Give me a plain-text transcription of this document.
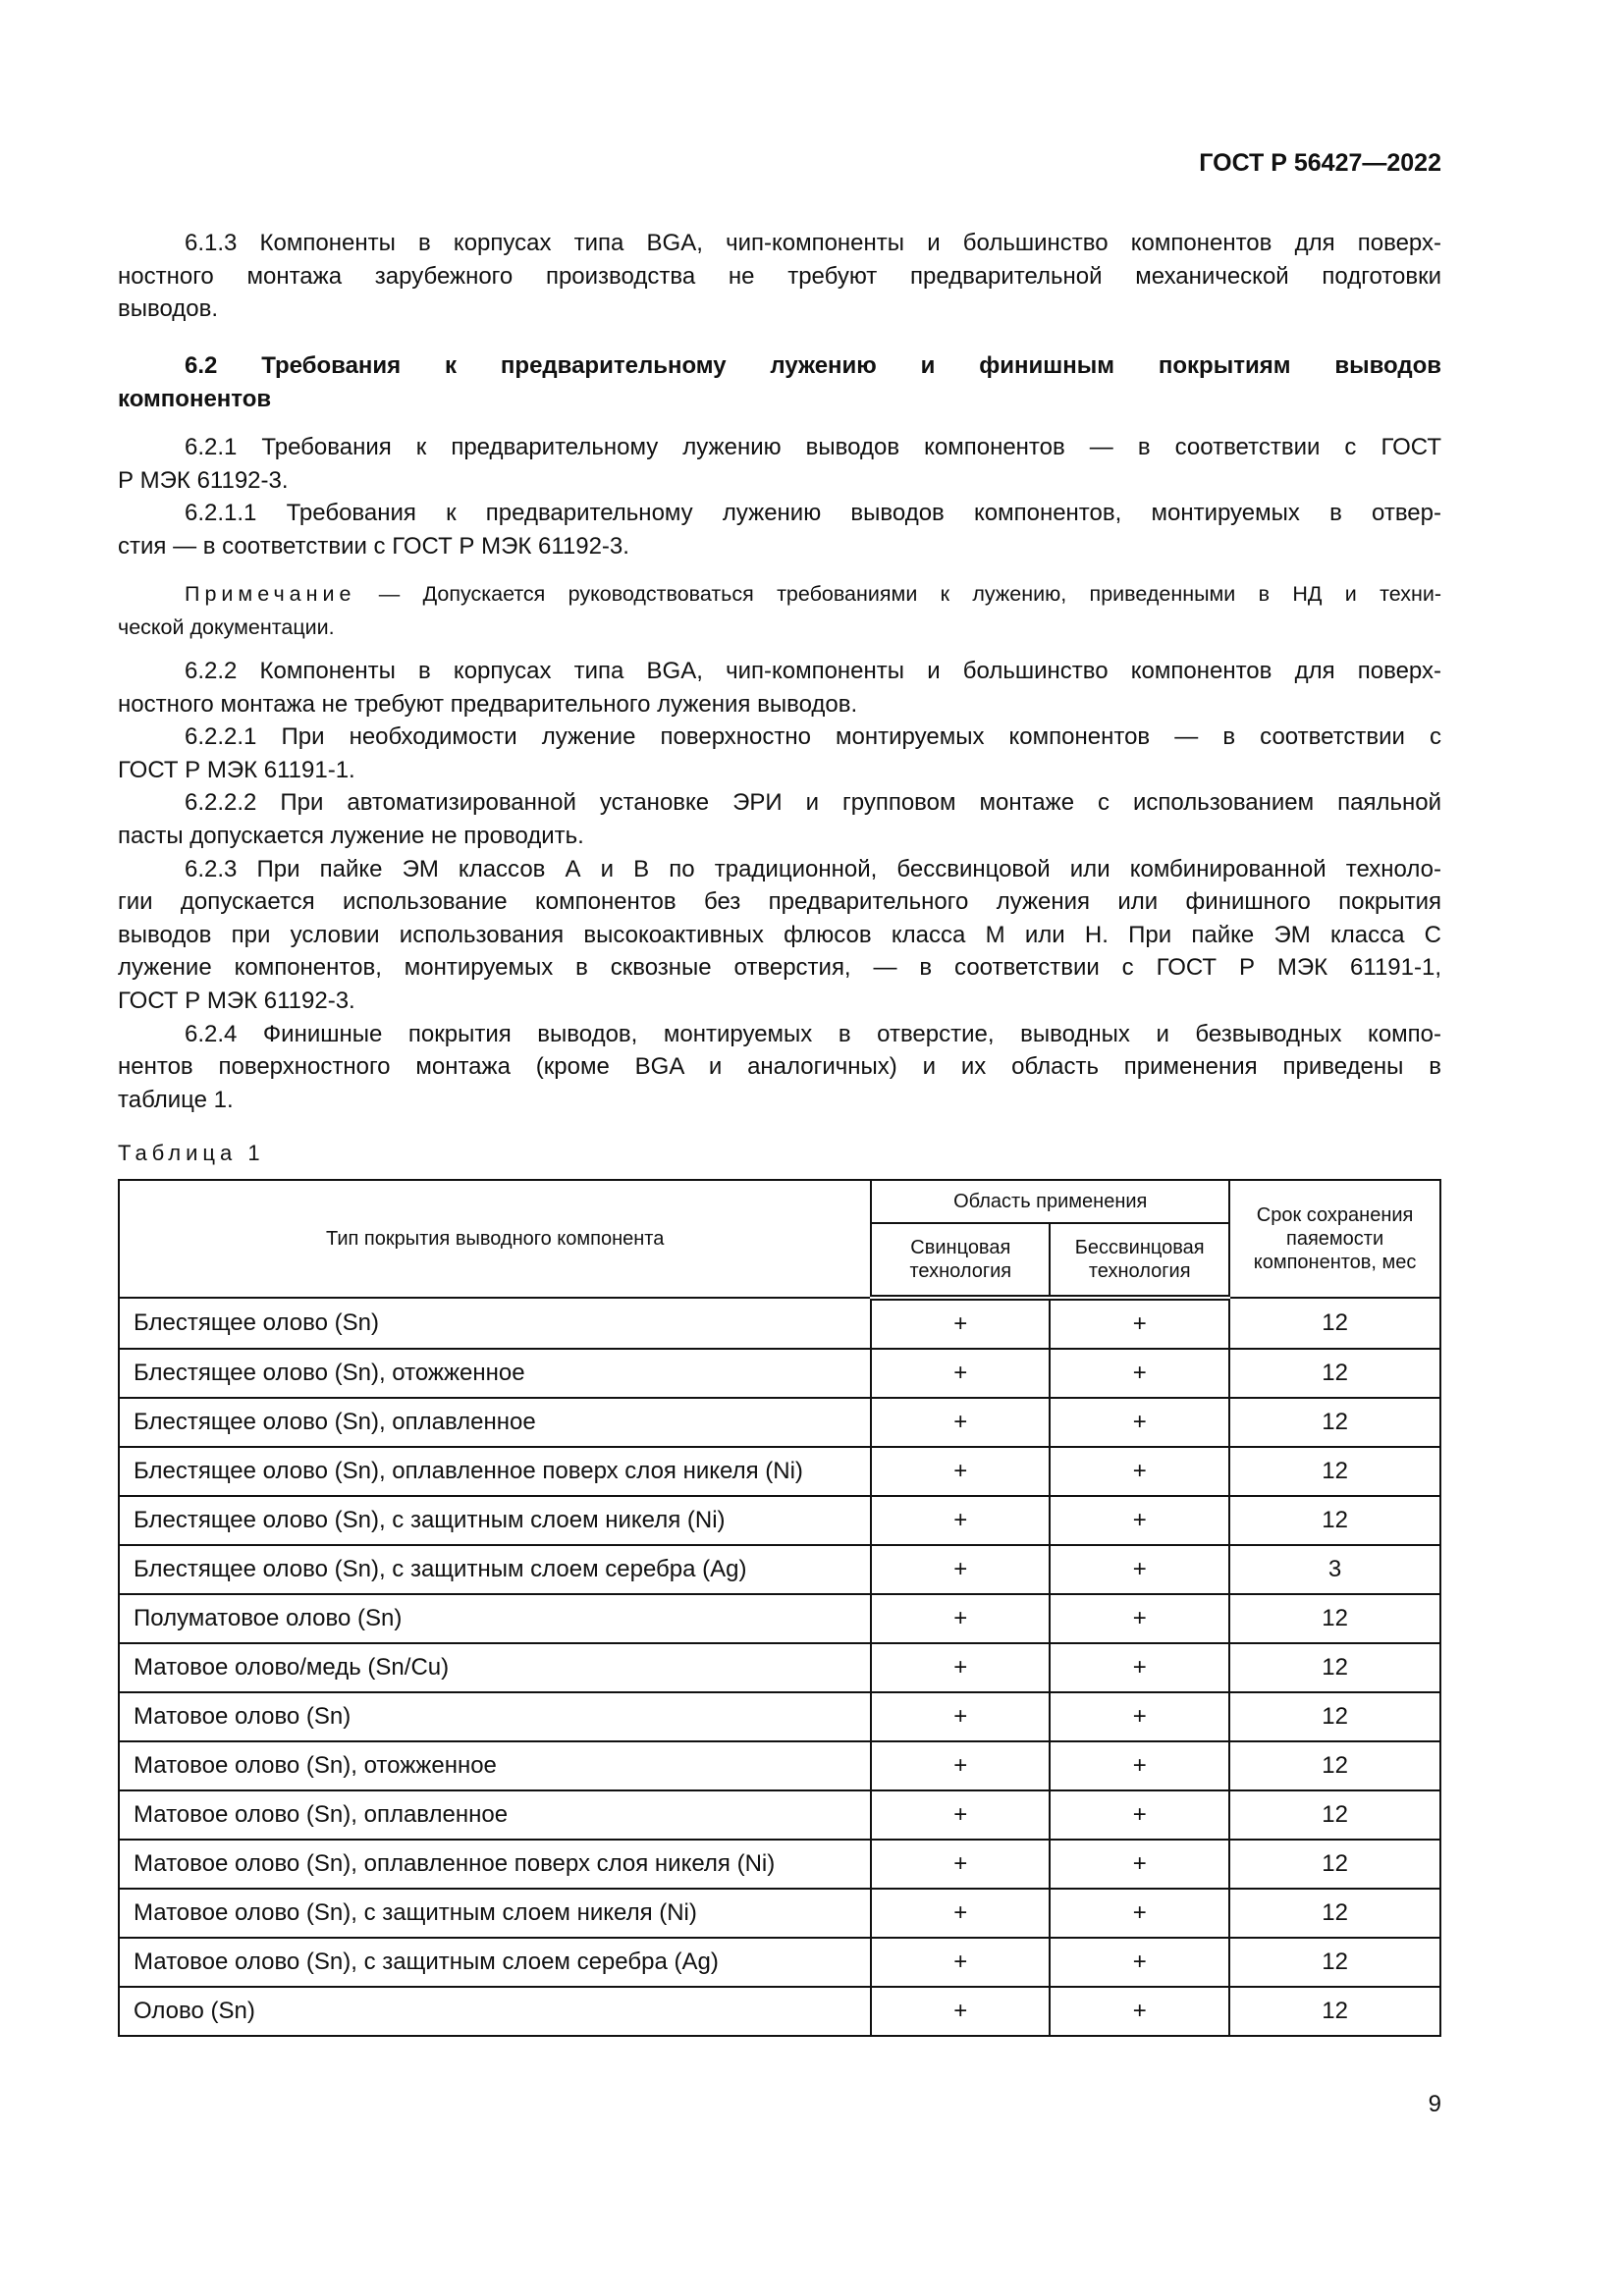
ГОСТ Р 56427—2022
6.1.3 Компоненты в корпусах типа BGA, чип-компоненты и большинство компонентов для поверх-
ностного монтажа зарубежного производства не требуют предварительной механической подготовки
выводов.
6.2 Требования к предварительному лужению и финишным покрытиям выводов
компонентов
6.2.1 Требования к предварительному лужению выводов компонентов — в соответствии с ГОСТ
Р МЭК 61192-3.
6.2.1.1 Требования к предварительному лужению выводов компонентов, монтируемых в отвер-
стия — в соответствии с ГОСТ Р МЭК 61192-3.
6.2.2 Компоненты в корпусах типа BGA, чип-компоненты и большинство компонентов для поверх-
ностного монтажа не требуют предварительного лужения выводов.
6.2.2.1 При необходимости лужение поверхностно монтируемых компонентов — в соответствии с
ГОСТ Р МЭК 61191-1.
6.2.2.2 При автоматизированной установке ЭРИ и групповом монтаже с использованием паяльной
пасты допускается лужение не проводить.
6.2.3 При пайке ЭМ классов А и В по традиционной, бессвинцовой или комбинированной техноло-
гии допускается использование компонентов без предварительного лужения или финишного покрытия
выводов при условии использования высокоактивных флюсов класса М или Н. При пайке ЭМ класса С
лужение компонентов, монтируемых в сквозные отверстия, — в соответствии с ГОСТ Р МЭК 61191-1,
ГОСТ Р МЭК 61192-3.
6.2.4 Финишные покрытия выводов, монтируемых в отверстие, выводных и безвыводных компо-
нентов поверхностного монтажа (кроме BGA и аналогичных) и их область применения приведены в
таблице 1.
Примечание — Допускается руководствоваться требованиями к лужению, приведенными в НД и техни-
ческой документации.
Таблица 1
Тип покрытия выводного компонента	Область применения		Срок сохранения паяемости компонентов, мес
	Свинцовая технология	Бессвинцовая технология	
Блестящее олово (Sn)	+	+	12
Блестящее олово (Sn), отожженное	+	+	12
Блестящее олово (Sn), оплавленное	+	+	12
Блестящее олово (Sn), оплавленное поверх слоя никеля (Ni)	+	+	12
Блестящее олово (Sn), с защитным слоем никеля (Ni)	+	+	12
Блестящее олово (Sn), с защитным слоем серебра (Ag)	+	+	3
Полуматовое олово (Sn)	+	+	12
Матовое олово/медь (Sn/Cu)	+	+	12
Матовое олово (Sn)	+	+	12
Матовое олово (Sn), отожженное	+	+	12
Матовое олово (Sn), оплавленное	+	+	12
Матовое олово (Sn), оплавленное поверх слоя никеля (Ni)	+	+	12
Матовое олово (Sn), с защитным слоем никеля (Ni)	+	+	12
Матовое олово (Sn), с защитным слоем серебра (Ag)	+	+	12
Олово (Sn)	+	+	12
9
